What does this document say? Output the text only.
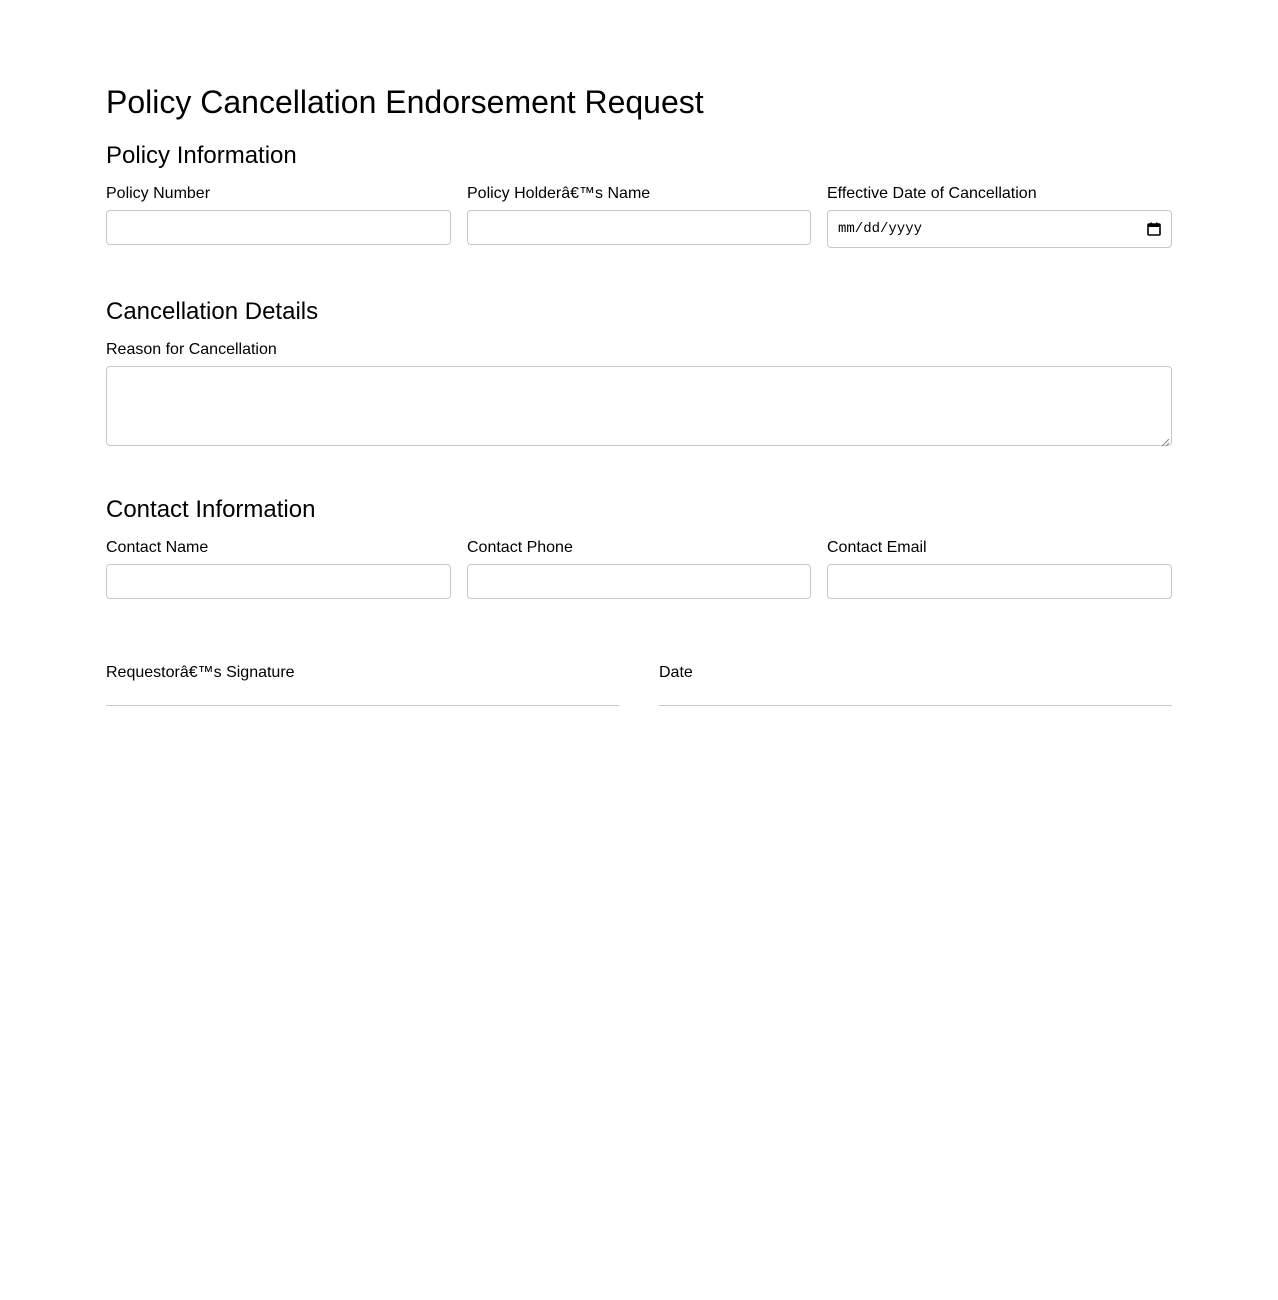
Policy Cancellation Endorsement Request
Policy Information
Policy Number	Policy Holderâ€™s Name	Effective Date of Cancellation
mm/dd/yyyy
Cancellation Details
Reason for Cancellation
Contact Information
Contact Name	Contact Phone	Contact Email
Requestorâ€™s Signature	Date
